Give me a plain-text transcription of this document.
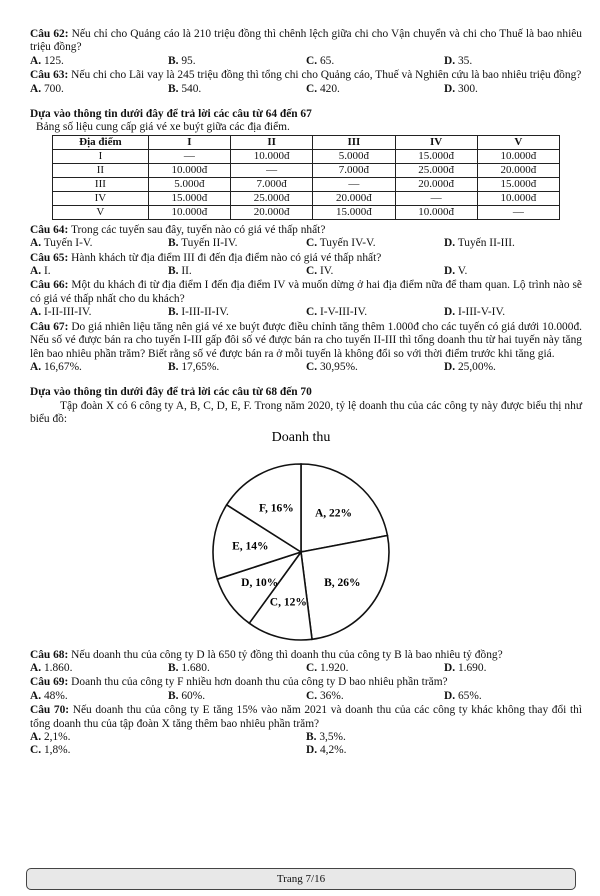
Câu 62: Nếu chỉ cho Quảng cáo là 210 triệu đồng thì chênh lệch giữa chi cho Vận chuyển và chi cho Thuế là bao nhiêu triệu đồng?

A. 125.	B. 95.	C. 65.	D. 35.

Câu 63: Nếu chi cho Lãi vay là 245 triệu đồng thì tổng chi cho Quảng cáo, Thuế và Nghiên cứu là bao nhiêu triệu đồng?

A. 700.	B. 540.	C. 420.	D. 300.

Dựa vào thông tin dưới đây để trả lời các câu từ 64 đến 67

Bảng số liệu cung cấp giá vé xe buýt giữa các địa điểm.

Địa điểm	I	II	III	IV	V
I	—	10.000đ	5.000đ	15.000đ	10.000đ
II	10.000đ	—	7.000đ	25.000đ	20.000đ
III	5.000đ	7.000đ	—	20.000đ	15.000đ
IV	15.000đ	25.000đ	20.000đ	—	10.000đ
V	10.000đ	20.000đ	15.000đ	10.000đ	—

Câu 64: Trong các tuyến sau đây, tuyến nào có giá vé thấp nhất?

A. Tuyến I-V.	B. Tuyến II-IV.	C. Tuyến IV-V.	D. Tuyến II-III.

Câu 65: Hành khách từ địa điểm III đi đến địa điểm nào có giá vé thấp nhất?

A. I.	B. II.	C. IV.	D. V.

Câu 66: Một du khách đi từ địa điểm I đến địa điểm IV và muốn dừng ở hai địa điểm nữa để tham quan. Lộ trình nào sẽ có giá vé thấp nhất cho du khách?

A. I-II-III-IV.	B. I-III-II-IV.	C. I-V-III-IV.	D. I-III-V-IV.

Câu 67: Do giá nhiên liệu tăng nên giá vé xe buýt được điều chỉnh tăng thêm 1.000đ cho các tuyến có giá dưới 10.000đ. Nếu số vé được bán ra cho tuyến I-III gấp đôi số vé được bán ra cho tuyến II-III thì tổng doanh thu từ hai tuyến này tăng lên bao nhiêu phần trăm? Biết rằng số vé được bán ra ở mỗi tuyến là không đổi so với thời điểm trước khi tăng giá.

A. 16,67%.	B. 17,65%.	C. 30,95%.	D. 25,00%.

Dựa vào thông tin dưới đây để trả lời các câu từ 68 đến 70

Tập đoàn X có 6 công ty A, B, C, D, E, F. Trong năm 2020, tỷ lệ doanh thu của các công ty này được biểu thị như biểu đồ:

Doanh thu
A, 22%
B, 26%
C, 12%
D, 10%
E, 14%
F, 16%

Câu 68: Nếu doanh thu của công ty D là 650 tỷ đồng thì doanh thu của công ty B là bao nhiêu tỷ đồng?

A. 1.860.	B. 1.680.	C. 1.920.	D. 1.690.

Câu 69: Doanh thu của công ty F nhiều hơn doanh thu của công ty D bao nhiêu phần trăm?

A. 48%.	B. 60%.	C. 36%.	D. 65%.

Câu 70: Nếu doanh thu của công ty E tăng 15% vào năm 2021 và doanh thu của các công ty khác không thay đổi thì tổng doanh thu của tập đoàn X tăng thêm bao nhiêu phần trăm?

A. 2,1%.	B. 3,5%.
C. 1,8%.	D. 4,2%.
Trang 7/16
